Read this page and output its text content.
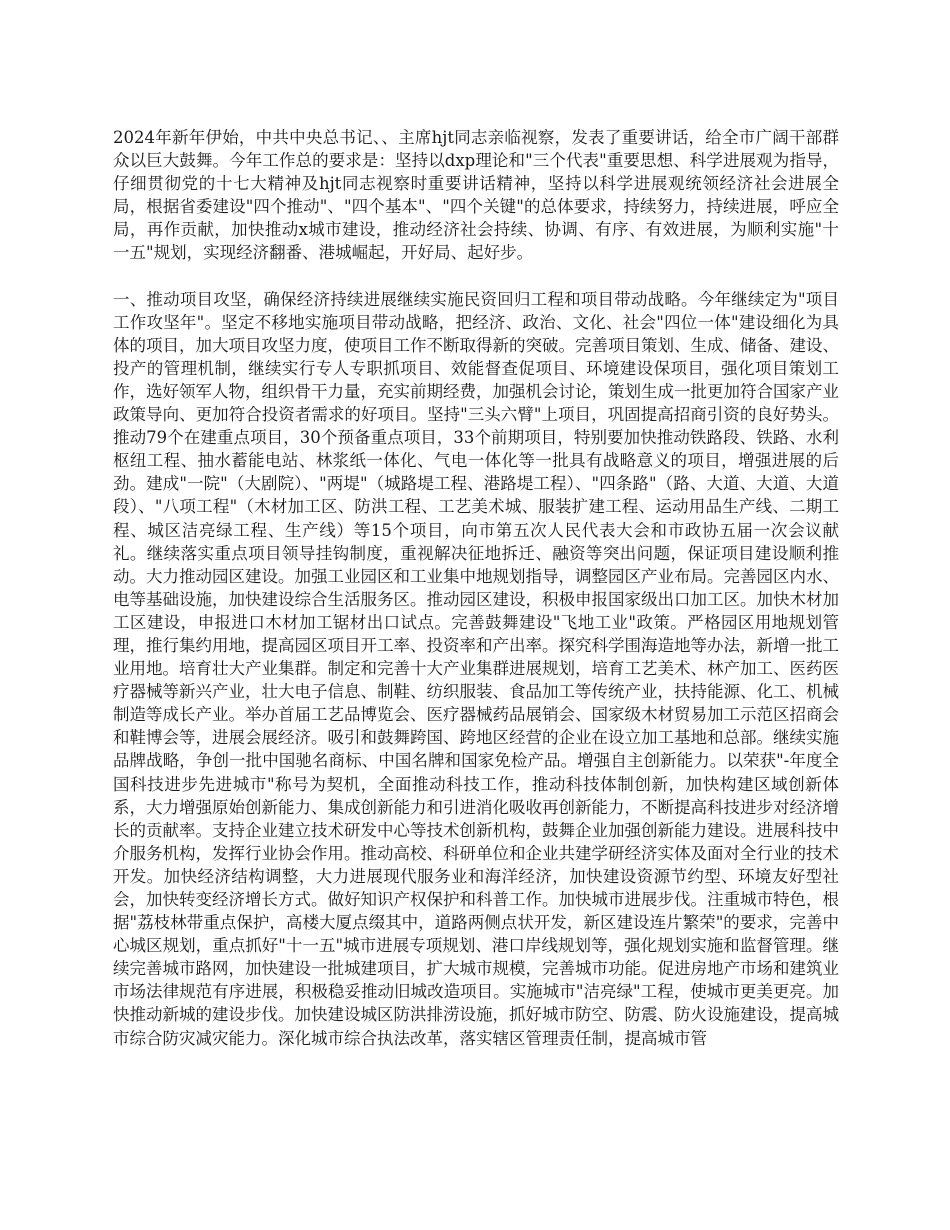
2024年新年伊始，中共中央总书记、、主席hjt同志亲临视察，发表了重要讲话，给全市广阔干部群众以巨大鼓舞。今年工作总的要求是：坚持以dxp理论和"三个代表"重要思想、科学进展观为指导，仔细贯彻党的十七大精神及hjt同志视察时重要讲话精神，坚持以科学进展观统领经济社会进展全局，根据省委建设"四个推动"、"四个基本"、"四个关键"的总体要求，持续努力，持续进展，呼应全局，再作贡献，加快推动x城市建设，推动经济社会持续、协调、有序、有效进展，为顺利实施"十一五"规划，实现经济翻番、港城崛起，开好局、起好步。

一、推动项目攻坚，确保经济持续进展继续实施民资回归工程和项目带动战略。今年继续定为"项目工作攻坚年"。坚定不移地实施项目带动战略，把经济、政治、文化、社会"四位一体"建设细化为具体的项目，加大项目攻坚力度，使项目工作不断取得新的突破。完善项目策划、生成、储备、建设、投产的管理机制，继续实行专人专职抓项目、效能督查促项目、环境建设保项目，强化项目策划工作，选好领军人物，组织骨干力量，充实前期经费，加强机会讨论，策划生成一批更加符合国家产业政策导向、更加符合投资者需求的好项目。坚持"三头六臂"上项目，巩固提高招商引资的良好势头。推动79个在建重点项目，30个预备重点项目，33个前期项目，特别要加快推动铁路段、铁路、水利枢纽工程、抽水蓄能电站、林浆纸一体化、气电一体化等一批具有战略意义的项目，增强进展的后劲。建成"一院"（大剧院）、"两堤"（城路堤工程、港路堤工程）、"四条路"（路、大道、大道、大道段）、"八项工程"（木材加工区、防洪工程、工艺美术城、服装扩建工程、运动用品生产线、二期工程、城区洁亮绿工程、生产线）等15个项目，向市第五次人民代表大会和市政协五届一次会议献礼。继续落实重点项目领导挂钩制度，重视解决征地拆迁、融资等突出问题，保证项目建设顺利推动。大力推动园区建设。加强工业园区和工业集中地规划指导，调整园区产业布局。完善园区内水、电等基础设施，加快建设综合生活服务区。推动园区建设，积极申报国家级出口加工区。加快木材加工区建设，申报进口木材加工锯材出口试点。完善鼓舞建设"飞地工业"政策。严格园区用地规划管理，推行集约用地，提高园区项目开工率、投资率和产出率。探究科学围海造地等办法，新增一批工业用地。培育壮大产业集群。制定和完善十大产业集群进展规划，培育工艺美术、林产加工、医药医疗器械等新兴产业，壮大电子信息、制鞋、纺织服装、食品加工等传统产业，扶持能源、化工、机械制造等成长产业。举办首届工艺品博览会、医疗器械药品展销会、国家级木材贸易加工示范区招商会和鞋博会等，进展会展经济。吸引和鼓舞跨国、跨地区经营的企业在设立加工基地和总部。继续实施品牌战略，争创一批中国驰名商标、中国名牌和国家免检产品。增强自主创新能力。以荣获"-年度全国科技进步先进城市"称号为契机，全面推动科技工作，推动科技体制创新，加快构建区域创新体系，大力增强原始创新能力、集成创新能力和引进消化吸收再创新能力，不断提高科技进步对经济增长的贡献率。支持企业建立技术研发中心等技术创新机构，鼓舞企业加强创新能力建设。进展科技中介服务机构，发挥行业协会作用。推动高校、科研单位和企业共建学研经济实体及面对全行业的技术开发。加快经济结构调整，大力进展现代服务业和海洋经济，加快建设资源节约型、环境友好型社会，加快转变经济增长方式。做好知识产权保护和科普工作。加快城市进展步伐。注重城市特色，根据"荔枝林带重点保护，高楼大厦点缀其中，道路两侧点状开发，新区建设连片繁荣"的要求，完善中心城区规划，重点抓好"十一五"城市进展专项规划、港口岸线规划等，强化规划实施和监督管理。继续完善城市路网，加快建设一批城建项目，扩大城市规模，完善城市功能。促进房地产市场和建筑业市场法律规范有序进展，积极稳妥推动旧城改造项目。实施城市"洁亮绿"工程，使城市更美更亮。加快推动新城的建设步伐。加快建设城区防洪排涝设施，抓好城市防空、防震、防火设施建设，提高城市综合防灾减灾能力。深化城市综合执法改革，落实辖区管理责任制，提高城市管
